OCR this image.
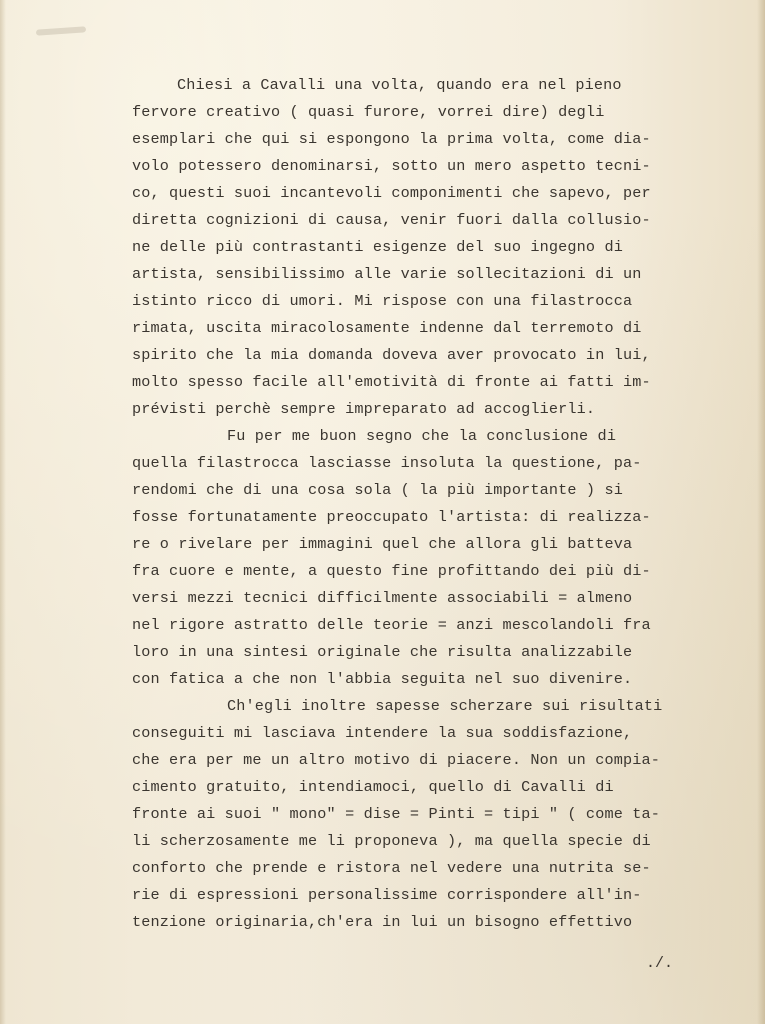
Chiesi a Cavalli una volta, quando era nel pieno
fervore creativo ( quasi furore, vorrei dire) degli
esemplari che qui si espongono la prima volta, come dia-
volo potessero denominarsi, sotto un mero aspetto tecni-
co, questi suoi incantevoli componimenti che sapevo, per
diretta cognizioni di causa, venir fuori dalla collusio-
ne delle più contrastanti esigenze del suo ingegno di
artista, sensibilissimo alle varie sollecitazioni di un
istinto ricco di umori. Mi rispose con una filastrocca
rimata, uscita miracolosamente indenne dal terremoto di
spirito che la mia domanda doveva aver provocato in lui,
molto spesso facile all'emotività di fronte ai fatti im-
prévisti perchè sempre impreparato ad accoglierli.
Fu per me buon segno che la conclusione di
quella filastrocca lasciasse insoluta la questione, pa-
rendomi che di una cosa sola ( la più importante ) si
fosse fortunatamente preoccupato l'artista: di realizza-
re o rivelare per immagini quel che allora gli batteva
fra cuore e mente, a questo fine profittando dei più di-
versi mezzi tecnici difficilmente associabili = almeno
nel rigore astratto delle teorie = anzi mescolandoli fra
loro in una sintesi originale che risulta analizzabile
con fatica a che non l'abbia seguita nel suo divenire.
Ch'egli inoltre sapesse scherzare sui risultati
conseguiti mi lasciava intendere la sua soddisfazione,
che era per me un altro motivo di piacere. Non un compia-
cimento gratuito, intendiamoci, quello di Cavalli di
fronte ai suoi " mono" = dise = Pinti = tipi " ( come ta-
li scherzosamente me li proponeva ), ma quella specie di
conforto che prende e ristora nel vedere una nutrita se-
rie di espressioni personalissime corrispondere all'in-
tenzione originaria,ch'era in lui un bisogno effettivo
./.
